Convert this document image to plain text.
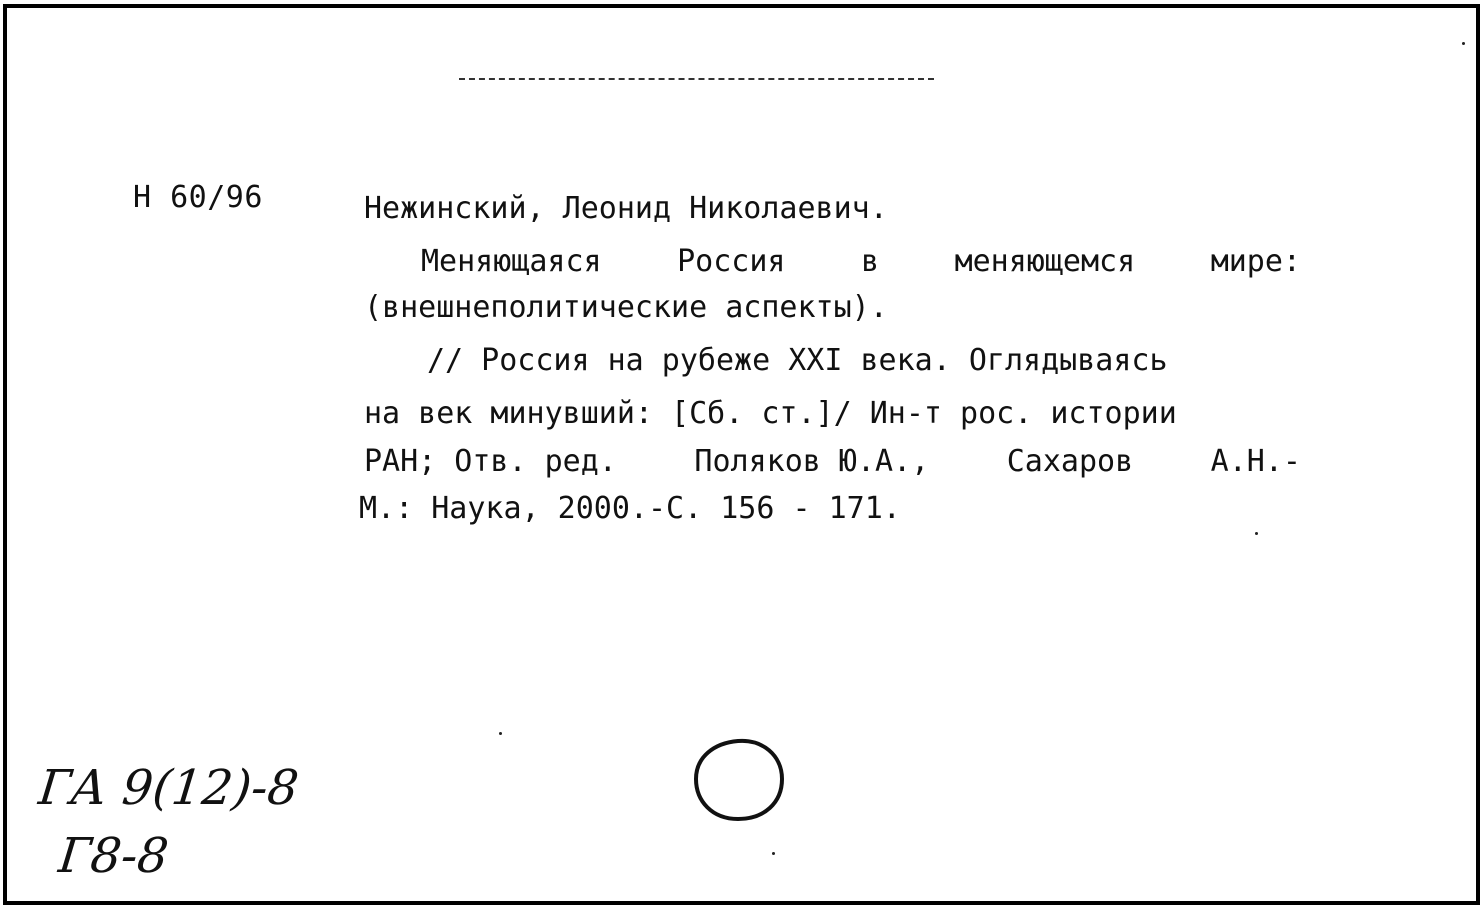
Н 60/96	Нежинский, Леонид Николаевич.
Меняющаяся	Россия	в	меняющемся	мире:
(внешнеполитические аспекты).
// Россия на рубеже XXI века. Оглядываясь
на век минувший: [Сб. ст.]/ Ин-т рос. истории
РАН; Отв. ред.	Поляков Ю.А.,	Сахаров	А.Н.-
М.: Наука, 2000.-С. 156 - 171.
ГА 9(12)-8
Г8-8
